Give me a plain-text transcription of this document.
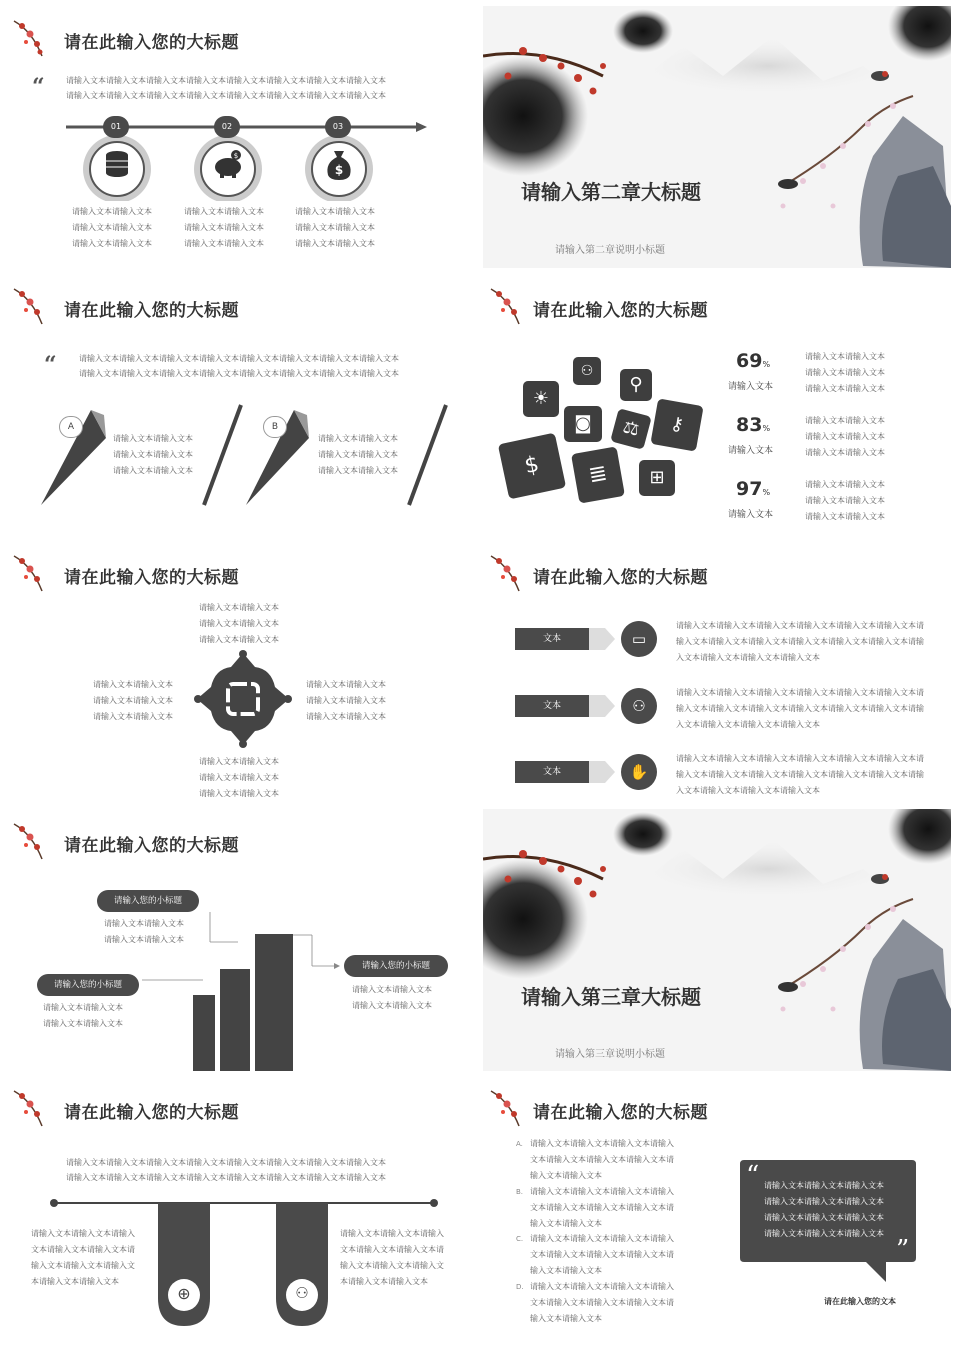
请在此输入您的大标题
“	请输入文本请输入文本请输入文本请输入文本请输入文本请输入文本请输入文本请输入文本
请输入文本请输入文本请输入文本请输入文本请输入文本请输入文本请输入文本请输入文本
01	02	03
$
$
请输入文本请输入文本
请输入文本请输入文本
请输入文本请输入文本
请输入文本请输入文本
请输入文本请输入文本
请输入文本请输入文本
请输入文本请输入文本
请输入文本请输入文本
请输入文本请输入文本
请输入第二章大标题
请输入第二章说明小标题
请在此输入您的大标题
“	请输入文本请输入文本请输入文本请输入文本请输入文本请输入文本请输入文本请输入文本
请输入文本请输入文本请输入文本请输入文本请输入文本请输入文本请输入文本请输入文本
A	B
请输入文本请输入文本
请输入文本请输入文本
请输入文本请输入文本
请输入文本请输入文本
请输入文本请输入文本
请输入文本请输入文本
请在此输入您的大标题
⚇
☀
⚲
◙	⚖	⚷
$	≣	⊞
69%
请输入文本
请输入文本请输入文本
请输入文本请输入文本
请输入文本请输入文本
83%
请输入文本
请输入文本请输入文本
请输入文本请输入文本
请输入文本请输入文本
97%
请输入文本
请输入文本请输入文本
请输入文本请输入文本
请输入文本请输入文本
请在此输入您的大标题
请输入文本请输入文本
请输入文本请输入文本
请输入文本请输入文本
请输入文本请输入文本
请输入文本请输入文本
请输入文本请输入文本
请输入文本请输入文本
请输入文本请输入文本
请输入文本请输入文本
请输入文本请输入文本
请输入文本请输入文本
请输入文本请输入文本
请在此输入您的大标题
文本	▭
请输入文本请输入文本请输入文本请输入文本请输入文本请输入文本请
输入文本请输入文本请输入文本请输入文本请输入文本请输入文本请输
入文本请输入文本请输入文本请输入文本
文本	⚇
请输入文本请输入文本请输入文本请输入文本请输入文本请输入文本请
输入文本请输入文本请输入文本请输入文本请输入文本请输入文本请输
入文本请输入文本请输入文本请输入文本
文本	✋
请输入文本请输入文本请输入文本请输入文本请输入文本请输入文本请
输入文本请输入文本请输入文本请输入文本请输入文本请输入文本请输
入文本请输入文本请输入文本请输入文本
请在此输入您的大标题
请输入您的小标题
请输入文本请输入文本
请输入文本请输入文本
请输入您的小标题
请输入文本请输入文本
请输入文本请输入文本
请输入您的小标题
请输入文本请输入文本
请输入文本请输入文本	请输入第三章大标题
请输入第三章说明小标题
请在此输入您的大标题
请输入文本请输入文本请输入文本请输入文本请输入文本请输入文本请输入文本请输入文本
请输入文本请输入文本请输入文本请输入文本请输入文本请输入文本请输入文本请输入文本
⊕	⚇
请输入文本请输入文本请输入
文本请输入文本请输入文本请
输入文本请输入文本请输入文
本请输入文本请输入文本
请输入文本请输入文本请输入
文本请输入文本请输入文本请
输入文本请输入文本请输入文
本请输入文本请输入文本
请在此输入您的大标题
A. 请输入文本请输入文本请输入文本请输入
文本请输入文本请输入文本请输入文本请
输入文本请输入文本
B. 请输入文本请输入文本请输入文本请输入
文本请输入文本请输入文本请输入文本请
输入文本请输入文本
C. 请输入文本请输入文本请输入文本请输入
文本请输入文本请输入文本请输入文本请
输入文本请输入文本
D. 请输入文本请输入文本请输入文本请输入
文本请输入文本请输入文本请输入文本请
输入文本请输入文本
“
”
请输入文本请输入文本请输入文本
请输入文本请输入文本请输入文本
请输入文本请输入文本请输入文本
请输入文本请输入文本请输入文本
请在此输入您的文本
